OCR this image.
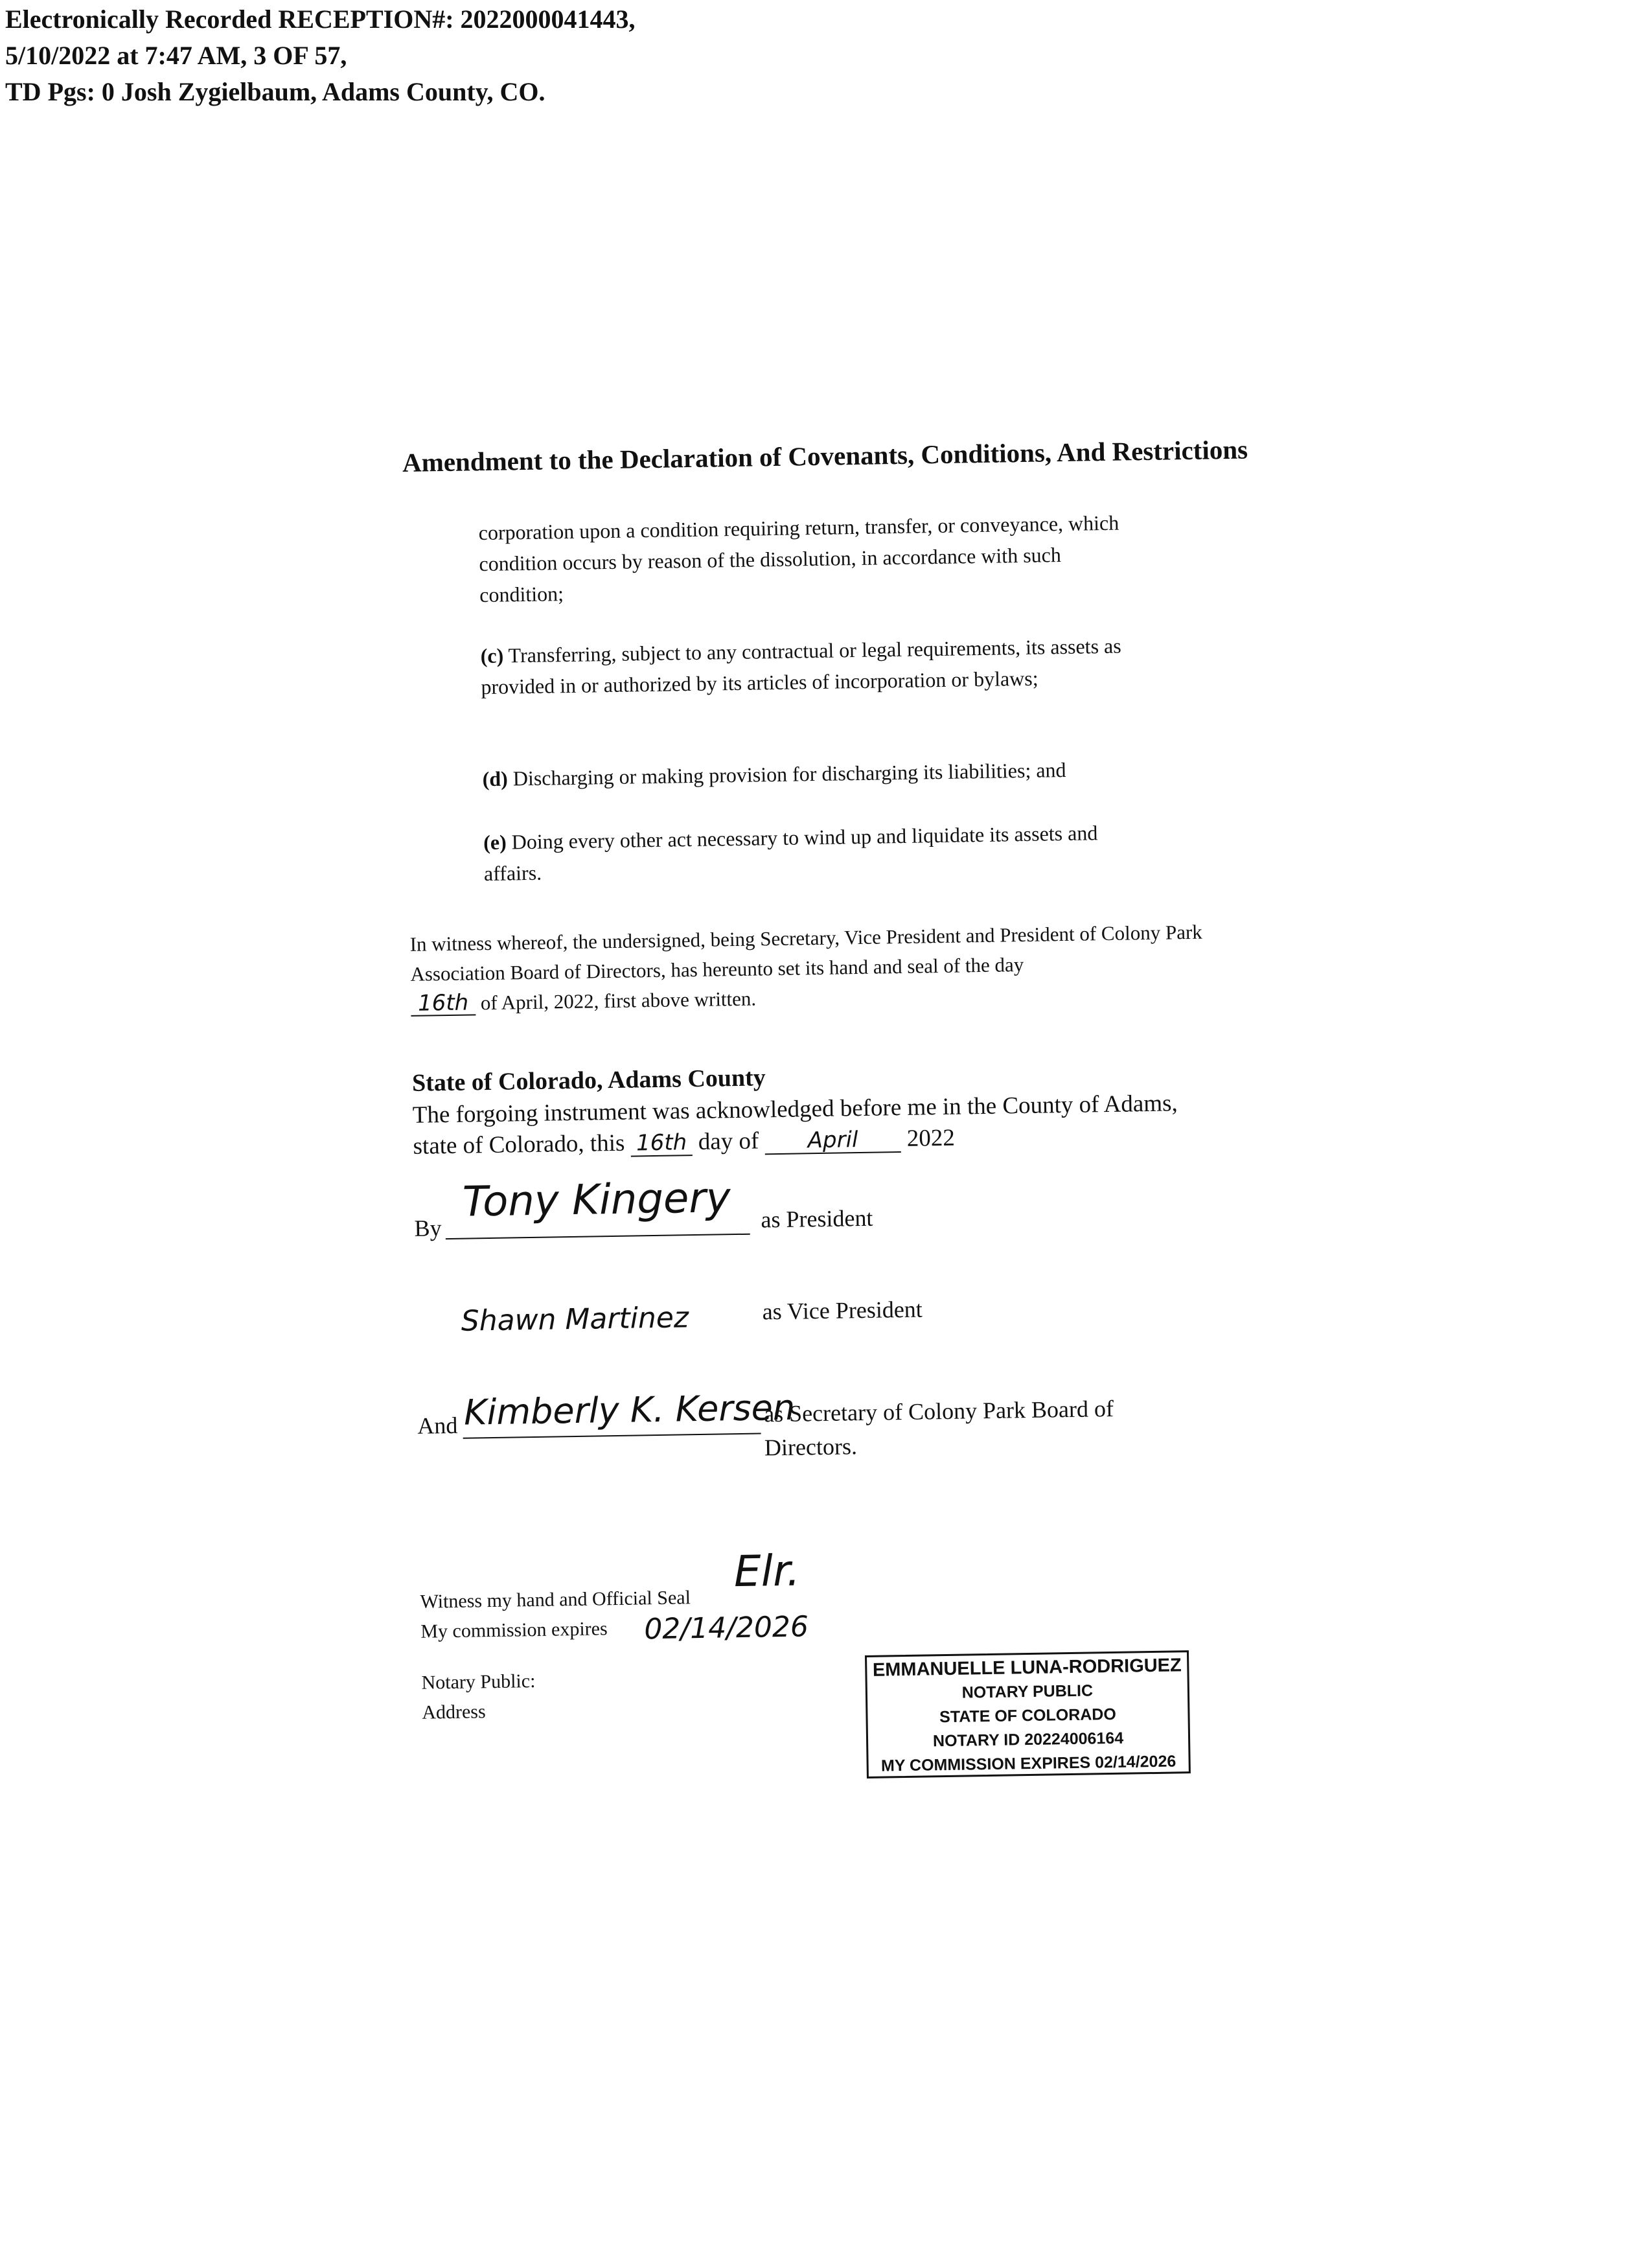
Electronically Recorded RECEPTION#: 2022000041443,
5/10/2022 at 7:47 AM, 3 OF 57,
TD Pgs: 0 Josh Zygielbaum, Adams County, CO.
Amendment to the Declaration of Covenants, Conditions, And Restrictions
corporation upon a condition requiring return, transfer, or conveyance, which condition occurs by reason of the dissolution, in accordance with such condition;
(c) Transferring, subject to any contractual or legal requirements, its assets as provided in or authorized by its articles of incorporation or bylaws;
(d) Discharging or making provision for discharging its liabilities; and
(e) Doing every other act necessary to wind up and liquidate its assets and affairs.
In witness whereof, the undersigned, being Secretary, Vice President and President of Colony Park Association Board of Directors, has hereunto set its hand and seal of the day
16th of April, 2022, first above written.
State of Colorado, Adams County
The forgoing instrument was acknowledged before me in the County of Adams,
state of Colorado, this 16th day of April 2022
By
Tony Kingery as President
Shawn Martinez	as Vice President
And Kimberly K. Kersen
as Secretary of Colony Park Board of
Directors.
Witness my hand and Official Seal
My commission expires
Elr.
02/14/2026
Notary Public:
Address
EMMANUELLE LUNA-RODRIGUEZ
NOTARY PUBLIC
STATE OF COLORADO
NOTARY ID 20224006164
MY COMMISSION EXPIRES 02/14/2026
